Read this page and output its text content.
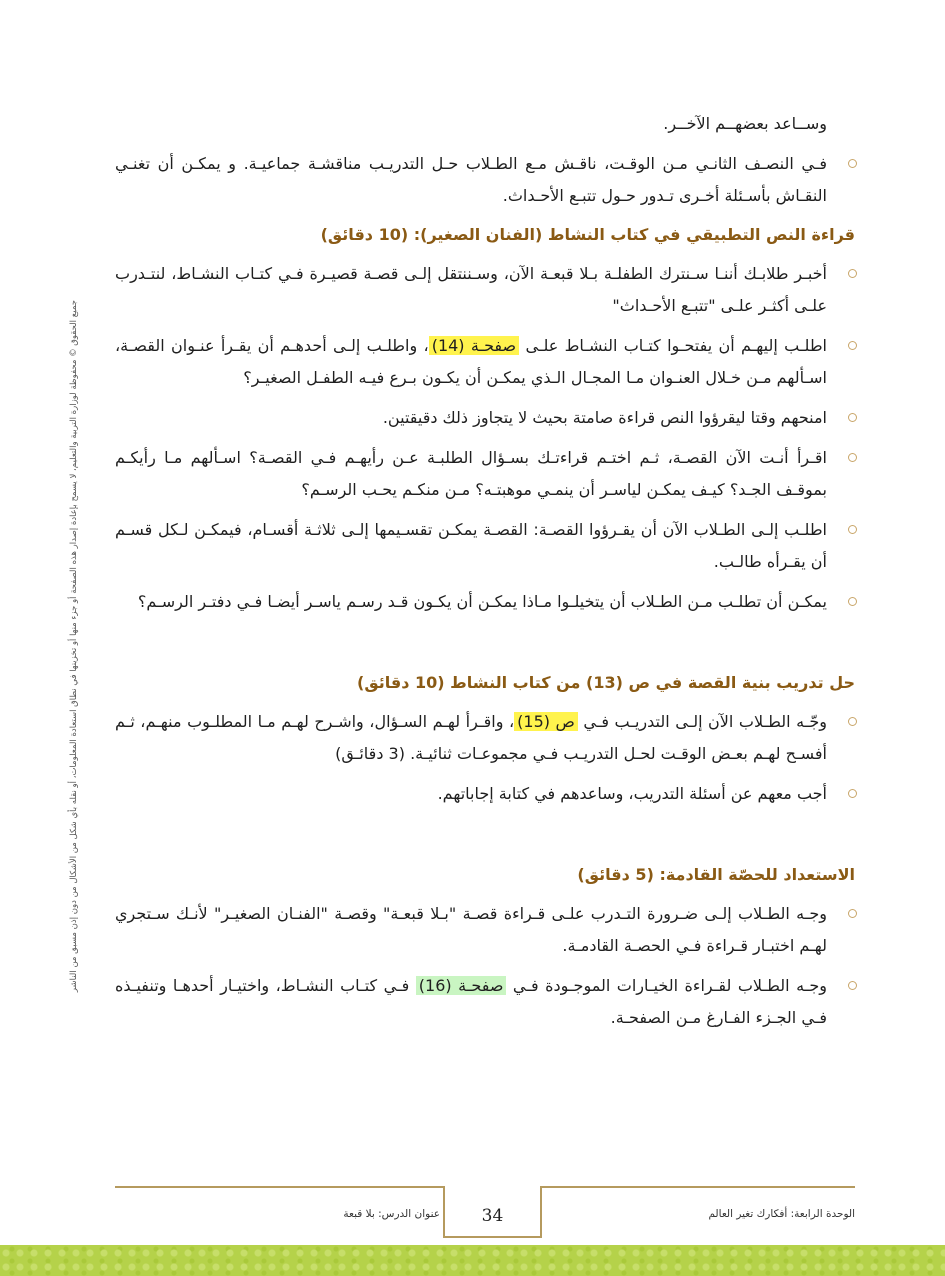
جميع الحقوق © محفوظة لوزارة التربية والتعليم، لا يسمح بإعادة إصدار هذه الصفحة أو جزء منها أو تخزينها في نطاق استعادة المعلومات، أو نقله بأي شكل من الأشكال من دون إذن مسبق من الناشر
وســاعد بعضهــم الآخــر.
فـي النصـف الثانـي مـن الوقـت، ناقـش مـع الطـلاب حـل التدريـب مناقشـة جماعيـة. و يمكـن أن تغنـي النقـاش بأسـئلة أخـرى تـدور حـول تتبـع الأحـداث.
قراءة النص التطبيقي في كتاب النشاط (الفنان الصغير): (10 دقائق)
أخبـر طلابـك أننـا سـنترك الطفلـة بـلا قبعـة الآن، وسـننتقل إلـى قصـة قصيـرة فـي كتـاب النشـاط، لنتـدرب علـى أكثـر علـى "تتبـع الأحـداث"
اطلـب إليهـم أن يفتحـوا كتـاب النشـاط علـى صفحـة (14)، واطلـب إلـى أحدهـم أن يقـرأ عنـوان القصـة، اسـألهم مـن خـلال العنـوان مـا المجـال الـذي يمكـن أن يكـون بـرع فيـه الطفـل الصغيـر؟
امنحهم وقتا ليقرؤوا النص قراءة صامتة بحيث لا يتجاوز ذلك دقيقتين.
اقـرأ أنـت الآن القصـة، ثـم اختـم قراءتـك بسـؤال الطلبـة عـن رأيهـم فـي القصـة؟ اسـألهم مـا رأيكـم بموقـف الجـد؟ كيـف يمكـن لياسـر أن ينمـي موهبتـه؟ مـن منكـم يحـب الرسـم؟
اطلـب إلـى الطـلاب الآن أن يقـرؤوا القصـة: القصـة يمكـن تقسـيمها إلـى ثلاثـة أقسـام، فيمكـن لـكل قسـم أن يقـرأه طالـب.
يمكـن أن تطلـب مـن الطـلاب أن يتخيلـوا مـاذا يمكـن أن يكـون قـد رسـم ياسـر أيضـا فـي دفتـر الرسـم؟
حل تدريب بنية القصة في ص (13) من كتاب النشاط (10 دقائق)
وجّـه الطـلاب الآن إلـى التدريـب فـي ص (15)، واقـرأ لهـم السـؤال، واشـرح لهـم مـا المطلـوب منهـم، ثـم أفسـح لهـم بعـض الوقـت لحـل التدريـب فـي مجموعـات ثنائيـة. (3 دقائـق)
أجب معهم عن أسئلة التدريب، وساعدهم في كتابة إجاباتهم.
الاستعداد للحصّة القادمة: (5 دقائق)
وجـه الطـلاب إلـى ضـرورة التـدرب علـى قـراءة قصـة "بـلا قبعـة" وقصـة "الفنـان الصغيـر" لأنـك سـتجري لهـم اختبـار قـراءة فـي الحصـة القادمـة.
وجـه الطـلاب لقـراءة الخيـارات الموجـودة فـي صفحـة (16) فـي كتـاب النشـاط، واختيـار أحدهـا وتنفيـذه فـي الجـزء الفـارغ مـن الصفحـة.
34	الوحدة الرابعة: أفكارك تغير العالم
عنوان الدرس: بلا قبعة
